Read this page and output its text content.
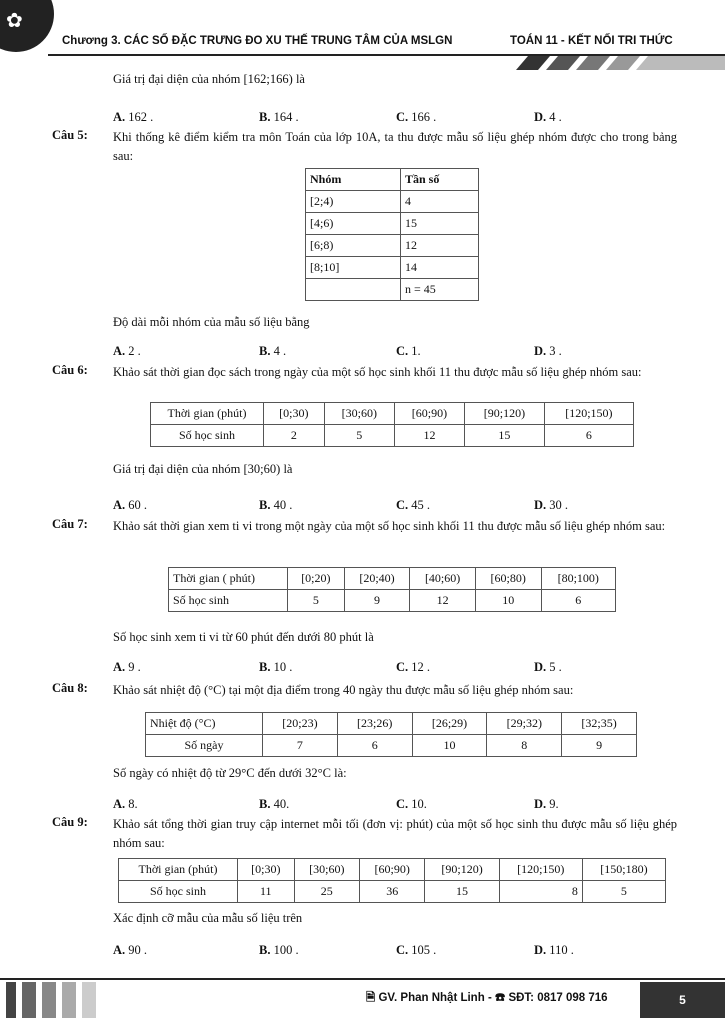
✿
Chương 3. CÁC SỐ ĐẶC TRƯNG ĐO XU THẾ TRUNG TÂM CỦA MSLGN	TOÁN 11 - KẾT NỐI TRI THỨC
Giá trị đại diện của nhóm [162;166) là
A. 162 .	B. 164 .	C. 166 .	D. 4 .
Câu 5: Khi thống kê điểm kiểm tra môn Toán của lớp 10A, ta thu được mẫu số liệu ghép nhóm được cho trong bảng sau:
Nhóm	Tần số
[2;4)	4
[4;6)	15
[6;8)	12
[8;10]	14
	n = 45
Độ dài mỗi nhóm của mẫu số liệu bằng
A. 2 .	B. 4 .	C. 1.	D. 3 .
Câu 6: Khảo sát thời gian đọc sách trong ngày của một số học sinh khối 11 thu được mẫu số liệu ghép nhóm sau:
Thời gian (phút)	[0;30)	[30;60)	[60;90)	[90;120)	[120;150)
Số học sinh	2	5	12	15	6
Giá trị đại diện của nhóm [30;60) là
A. 60 .	B. 40 .	C. 45 .	D. 30 .
Câu 7: Khảo sát thời gian xem ti vi trong một ngày của một số học sinh khối 11 thu được mẫu số liệu ghép nhóm sau:
Thời gian ( phút)	[0;20)	[20;40)	[40;60)	[60;80)	[80;100)
Số học sinh	5	9	12	10	6
Số học sinh xem ti vi từ 60 phút đến dưới 80 phút là
A. 9 .	B. 10 .	C. 12 .	D. 5 .
Câu 8: Khảo sát nhiệt độ (°C) tại một địa điểm trong 40 ngày thu được mẫu số liệu ghép nhóm sau:
Nhiệt độ (°C)	[20;23)	[23;26)	[26;29)	[29;32)	[32;35)
Số ngày	7	6	10	8	9
Số ngày có nhiệt độ từ 29°C đến dưới 32°C là:
A. 8.	B. 40.	C. 10.	D. 9.
Câu 9: Khảo sát tổng thời gian truy cập internet mỗi tối (đơn vị: phút) của một số học sinh thu được mẫu số liệu ghép nhóm sau:
Thời gian (phút)	[0;30)	[30;60)	[60;90)	[90;120)	[120;150)	[150;180)
Số học sinh	11	25	36	15	8	5
Xác định cỡ mẫu của mẫu số liệu trên
A. 90 .	B. 100 .	C. 105 .	D. 110 .
🗎 GV. Phan Nhật Linh - ☎ SĐT: 0817 098 716	5
